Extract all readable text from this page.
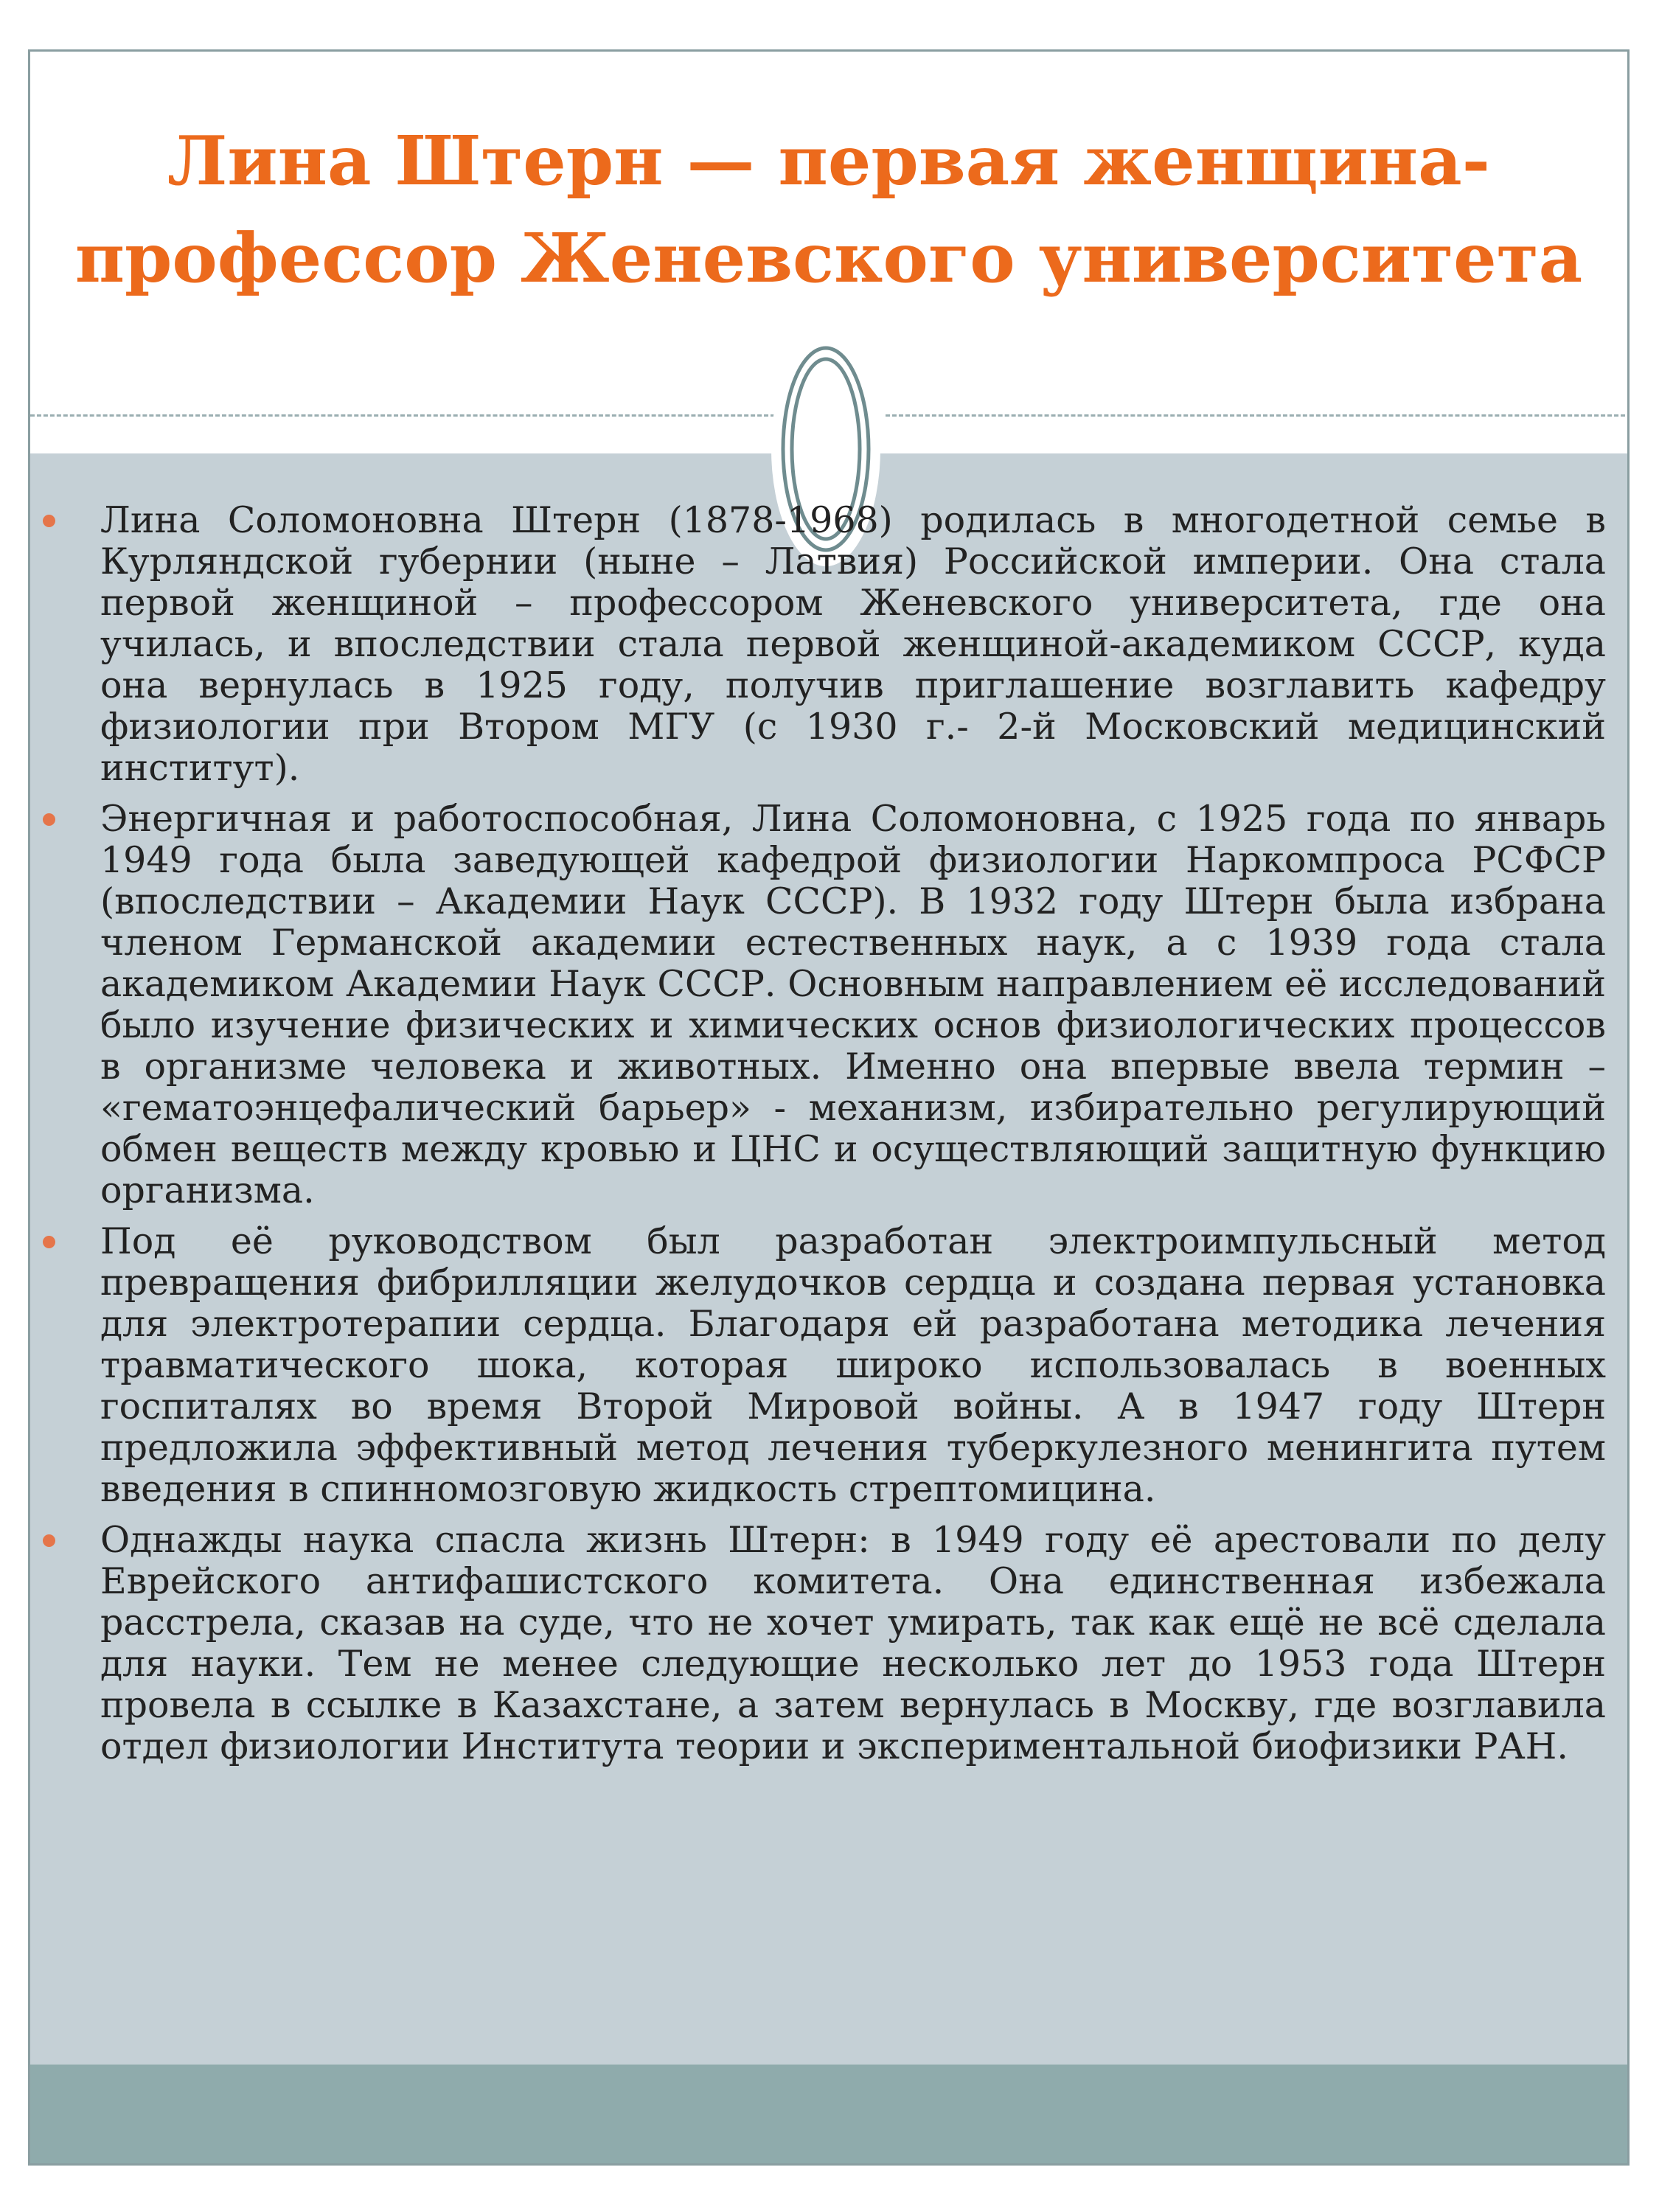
Лина Штерн — первая женщина-
профессор Женевского университета
Лина Соломоновна Штерн (1878-1968) родилась в многодетной семье в Курляндской губернии (ныне – Латвия) Российской империи. Она стала первой женщиной – профессором Женевского университета, где она училась, и впоследствии стала первой женщиной-академиком СССР, куда она вернулась в 1925 году, получив приглашение возглавить кафедру физиологии при Втором МГУ (с 1930 г.- 2-й Московский медицинский институт).
Энергичная и работоспособная, Лина Соломоновна, с 1925 года по январь 1949 года была заведующей кафедрой физиологии Наркомпроса РСФСР (впоследствии – Академии Наук СССР). В 1932 году Штерн была избрана членом Германской академии естественных наук, а с 1939 года стала академиком Академии Наук СССР. Основным направлением её исследований было изучение физических и химических основ физиологических процессов в организме человека и животных. Именно она впервые ввела термин – «гематоэнцефалический барьер» - механизм, избирательно регулирующий обмен веществ между кровью и ЦНС и осуществляющий защитную функцию организма.
Под её руководством был разработан электроимпульсный метод превращения фибрилляции желудочков сердца и создана первая установка для электротерапии сердца. Благодаря ей разработана методика лечения травматического шока, которая широко использовалась в военных госпиталях во время Второй Мировой войны. А в 1947 году Штерн предложила эффективный метод лечения туберкулезного менингита путем введения в спинномозговую жидкость стрептомицина.
Однажды наука спасла жизнь Штерн: в 1949 году её арестовали по делу Еврейского антифашистского комитета. Она единственная избежала расстрела, сказав на суде, что не хочет умирать, так как ещё не всё сделала для науки. Тем не менее следующие несколько лет до 1953 года Штерн провела в ссылке в Казахстане, а затем вернулась в Москву, где возглавила отдел физиологии Института теории и экспериментальной биофизики РАН.
